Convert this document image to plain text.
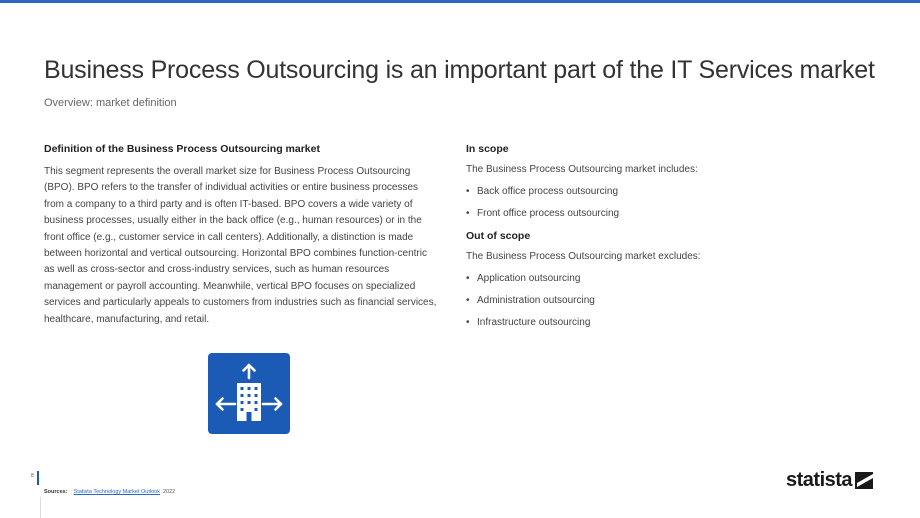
Business Process Outsourcing is an important part of the IT Services market
Overview: market definition
Definition of the Business Process Outsourcing market

This segment represents the overall market size for Business Process Outsourcing (BPO). BPO refers to the transfer of individual activities or entire business processes from a company to a third party and is often IT-based. BPO covers a wide variety of business processes, usually either in the back office (e.g., human resources) or in the front office (e.g., customer service in call centers). Additionally, a distinction is made between horizontal and vertical outsourcing. Horizontal BPO combines function-centric as well as cross-sector and cross-industry services, such as human resources management or payroll accounting. Meanwhile, vertical BPO focuses on specialized services and particularly appeals to customers from industries such as financial services, healthcare, manufacturing, and retail.

In scope
The Business Process Outsourcing market includes:
• Back office process outsourcing
• Front office process outsourcing
Out of scope
The Business Process Outsourcing market excludes:
• Application outsourcing
• Administration outsourcing
• Infrastructure outsourcing
8
Sources: Statista Technology Market Outlook 2022
statista
